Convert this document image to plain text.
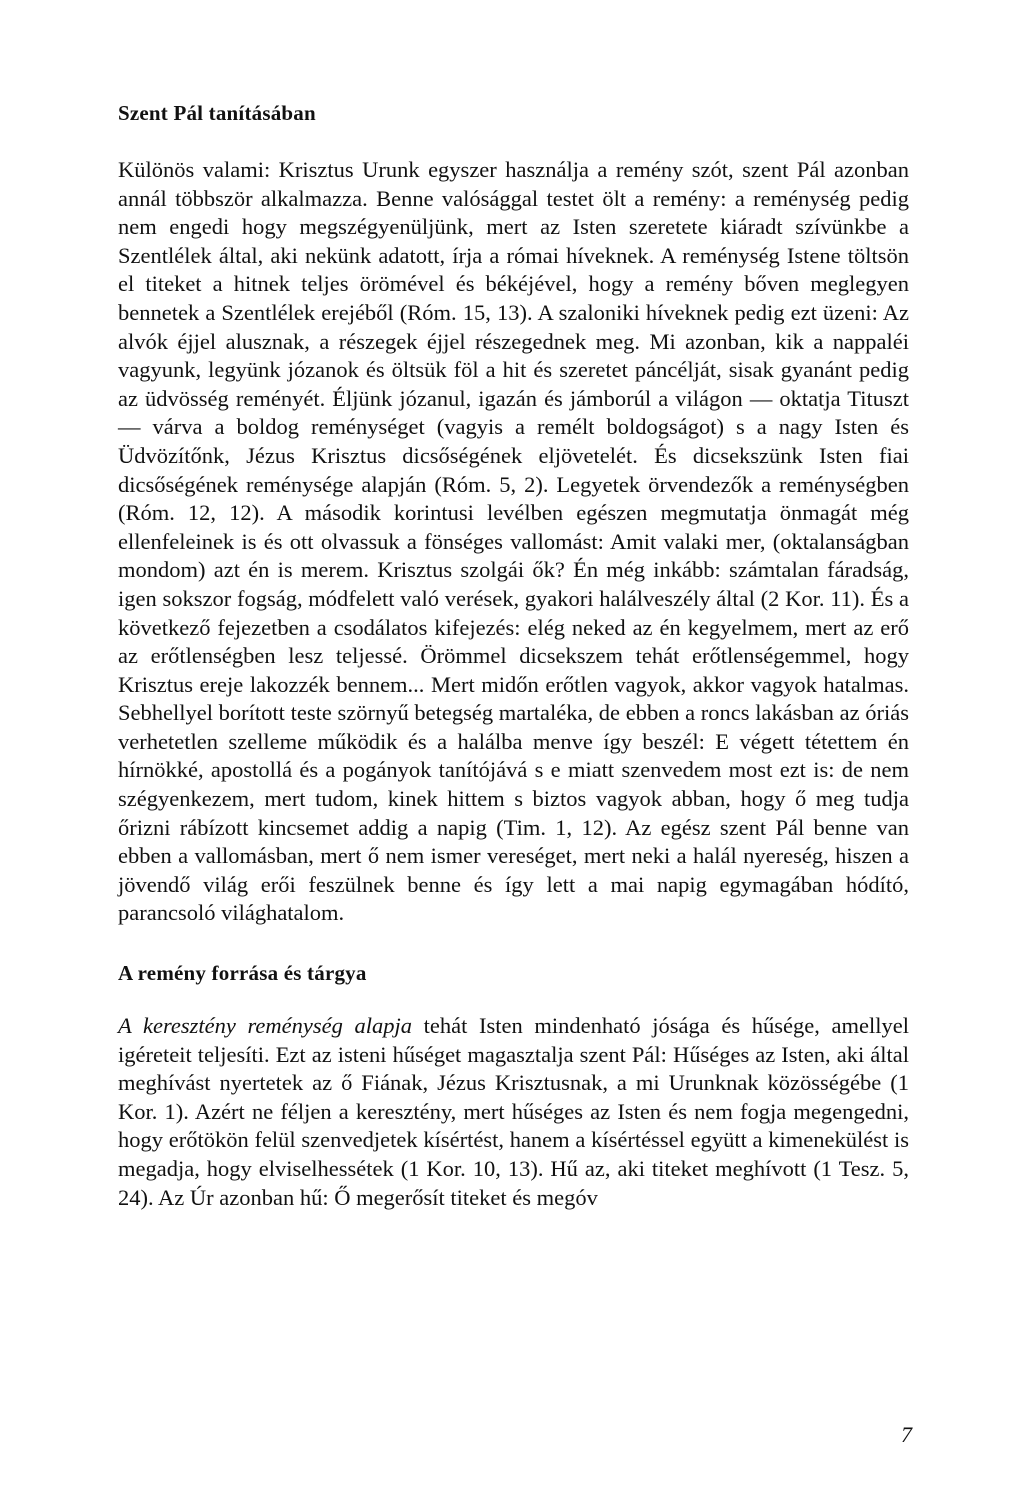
Szent Pál tanításában

Különös valami: Krisztus Urunk egyszer használja a remény szót, szent Pál azonban annál többször alkalmazza. Benne valósággal testet ölt a remény: a reménység pedig nem engedi hogy megszégyenüljünk, mert az Isten szeretete kiáradt szívünkbe a Szentlélek által, aki nekünk adatott, írja a római híveknek. A reménység Istene töltsön el titeket a hitnek teljes örömével és békéjével, hogy a remény bőven meglegyen bennetek a Szentlélek erejéből (Róm. 15, 13). A szaloniki híveknek pedig ezt üzeni: Az alvók éjjel alusznak, a részegek éjjel részegednek meg. Mi azonban, kik a nappaléi vagyunk, legyünk józanok és öltsük föl a hit és szeretet páncélját, sisak gyanánt pedig az üdvösség reményét. Éljünk józanul, igazán és jámborúl a világon — oktatja Tituszt — várva a boldog reménységet (vagyis a remélt boldogságot) s a nagy Isten és Üdvözítőnk, Jézus Krisztus dicsőségének eljövetelét. És dicsekszünk Isten fiai dicsőségének reménysége alapján (Róm. 5, 2). Legyetek örvendezők a reménységben (Róm. 12, 12). A második korintusi levélben egészen megmutatja önmagát még ellenfeleinek is és ott olvassuk a fönséges vallomást: Amit valaki mer, (oktalanságban mondom) azt én is merem. Krisztus szolgái ők? Én még inkább: számtalan fáradság, igen sokszor fogság, módfelett való verések, gyakori halálveszély által (2 Kor. 11). És a következő fejezetben a csodálatos kifejezés: elég neked az én kegyelmem, mert az erő az erőtlenségben lesz teljessé. Örömmel dicsekszem tehát erőtlenségemmel, hogy Krisztus ereje lakozzék bennem... Mert midőn erőtlen vagyok, akkor vagyok hatalmas. Sebhellyel borított teste szörnyű betegség martaléka, de ebben a roncs lakásban az óriás verhetetlen szelleme működik és a halálba menve így beszél: E végett tétettem én hírnökké, apostollá és a pogányok tanítójává s e miatt szenvedem most ezt is: de nem szégyenkezem, mert tudom, kinek hittem s biztos vagyok abban, hogy ő meg tudja őrizni rábízott kincsemet addig a napig (Tim. 1, 12). Az egész szent Pál benne van ebben a vallomásban, mert ő nem ismer vereséget, mert neki a halál nyereség, hiszen a jövendő világ erői feszülnek benne és így lett a mai napig egymagában hódító, parancsoló világhatalom.

A remény forrása és tárgya

A keresztény reménység alapja tehát Isten mindenható jósága és hűsége, amellyel igéreteit teljesíti. Ezt az isteni hűséget magasztalja szent Pál: Hűséges az Isten, aki által meghívást nyertetek az ő Fiának, Jézus Krisztusnak, a mi Urunknak közösségébe (1 Kor. 1). Azért ne féljen a keresztény, mert hűséges az Isten és nem fogja megengedni, hogy erőtökön felül szenvedjetek kísértést, hanem a kísértéssel együtt a kimenekülést is megadja, hogy elviselhessétek (1 Kor. 10, 13). Hű az, aki titeket meghívott (1 Tesz. 5, 24). Az Úr azonban hű: Ő megerősít titeket és megóv

7
